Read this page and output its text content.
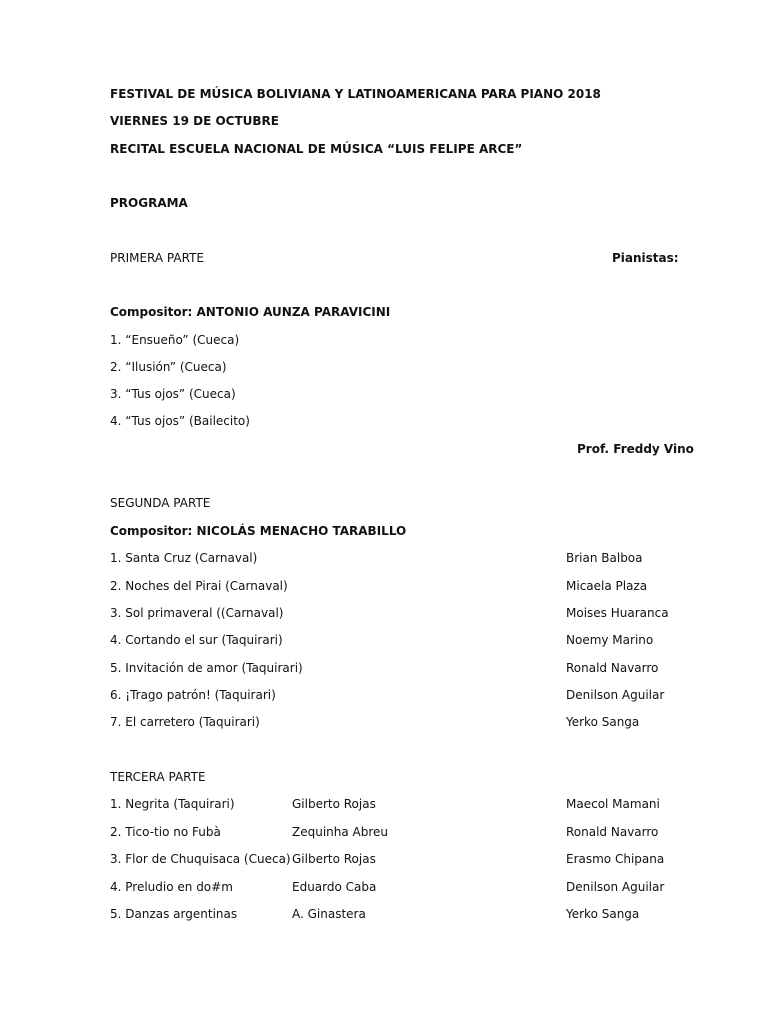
FESTIVAL DE MÚSICA BOLIVIANA Y LATINOAMERICANA PARA PIANO 2018
VIERNES 19 DE OCTUBRE
RECITAL ESCUELA NACIONAL DE MÚSICA “LUIS FELIPE ARCE”
PROGRAMA
PRIMERA PARTE	Pianistas:
Compositor: ANTONIO AUNZA PARAVICINI
1. “Ensueño” (Cueca)
2. “Ilusión” (Cueca)
3. “Tus ojos” (Cueca)
4. “Tus ojos” (Bailecito)
Prof. Freddy Vino
SEGUNDA PARTE
Compositor: NICOLÁS MENACHO TARABILLO
1. Santa Cruz (Carnaval)	Brian Balboa
2. Noches del Pirai (Carnaval)	Micaela Plaza
3. Sol primaveral ((Carnaval)	Moises Huaranca
4. Cortando el sur (Taquirari)	Noemy Marino
5. Invitación de amor (Taquirari)	Ronald Navarro
6. ¡Trago patrón! (Taquirari)	Denilson Aguilar
7. El carretero (Taquirari)	Yerko Sanga
TERCERA PARTE
1. Negrita (Taquirari)	Gilberto Rojas	Maecol Mamani
2. Tico-tio no Fubà	Zequinha Abreu	Ronald Navarro
3. Flor de Chuquisaca (Cueca) Gilberto Rojas	Erasmo Chipana
4. Preludio en do#m	Eduardo Caba	Denilson Aguilar
5. Danzas argentinas	A. Ginastera	Yerko Sanga
